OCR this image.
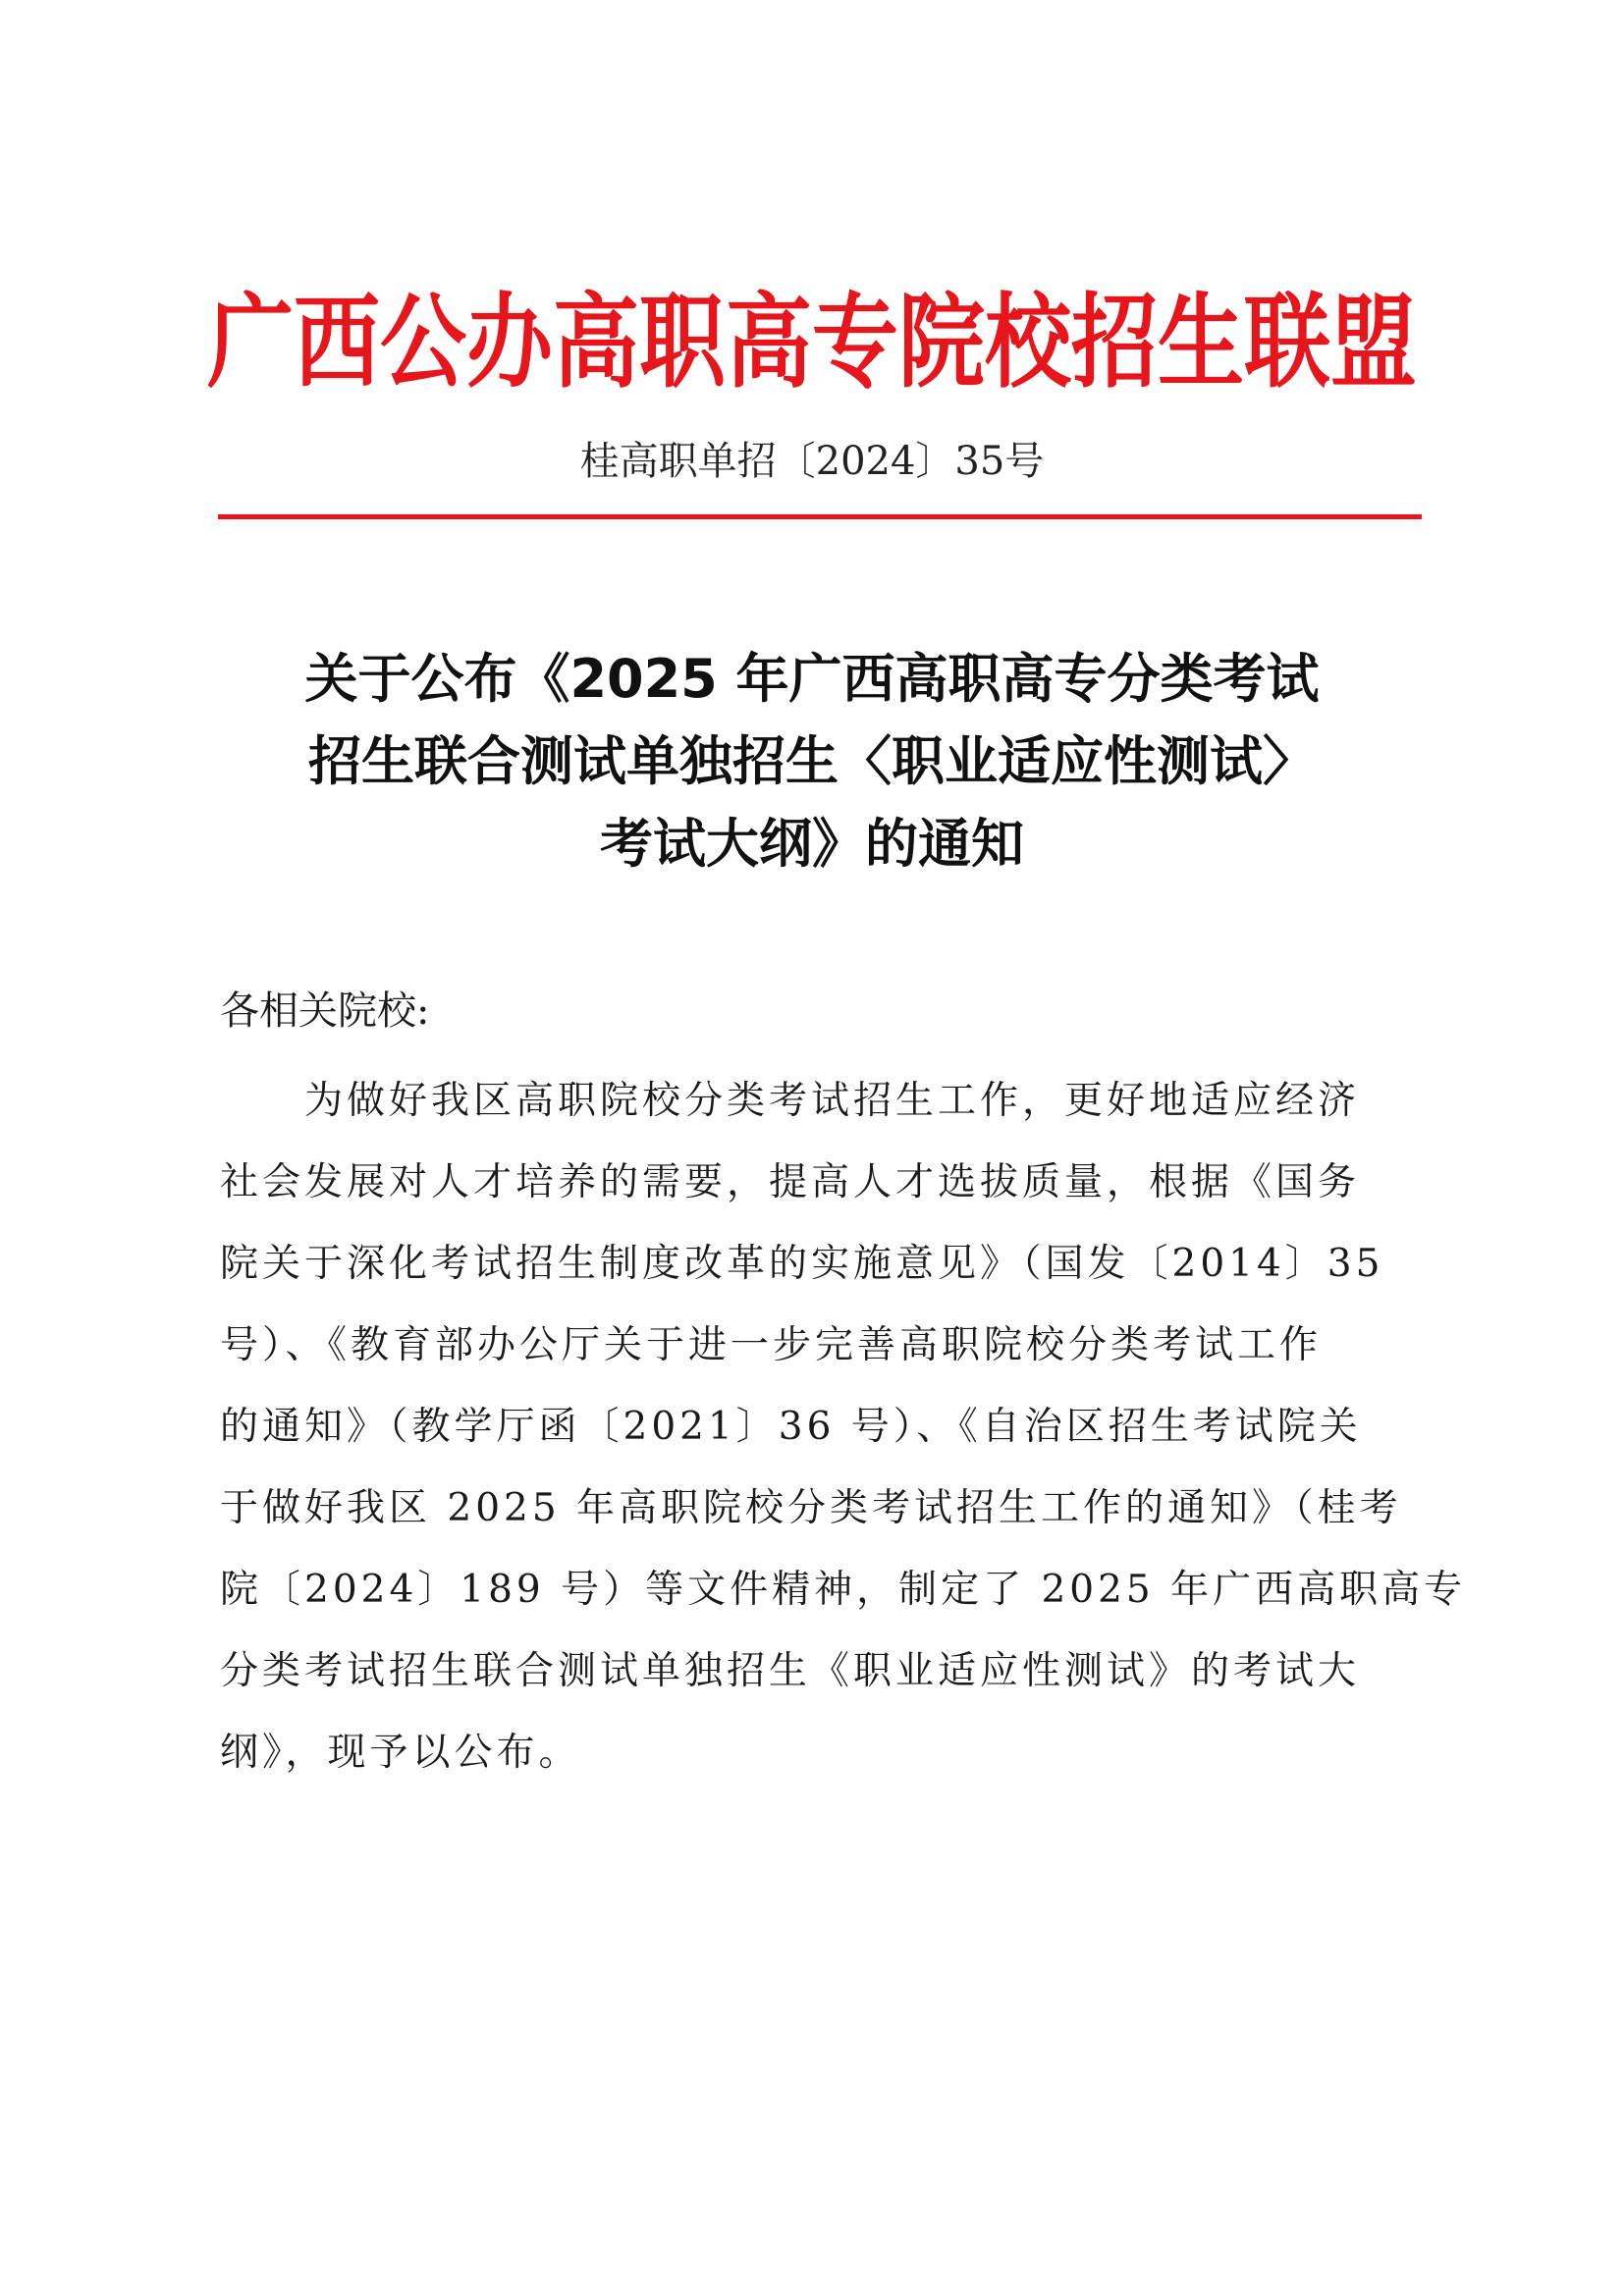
广西公办高职高专院校招生联盟
桂高职单招〔2024〕35号
关于公布《2025 年广西高职高专分类考试
招生联合测试单独招生〈职业适应性测试〉
考试大纲》的通知
各相关院校:
为做好我区高职院校分类考试招生工作，更好地适应经济
社会发展对人才培养的需要，提高人才选拔质量，根据《国务
院关于深化考试招生制度改革的实施意见》（国发〔2014〕35
号）、《教育部办公厅关于进一步完善高职院校分类考试工作
的通知》（教学厅函〔2021〕36 号）、《自治区招生考试院关
于做好我区 2025 年高职院校分类考试招生工作的通知》（桂考
院〔2024〕189 号）等文件精神，制定了 2025 年广西高职高专
分类考试招生联合测试单独招生《职业适应性测试》的考试大
纲》，现予以公布。
